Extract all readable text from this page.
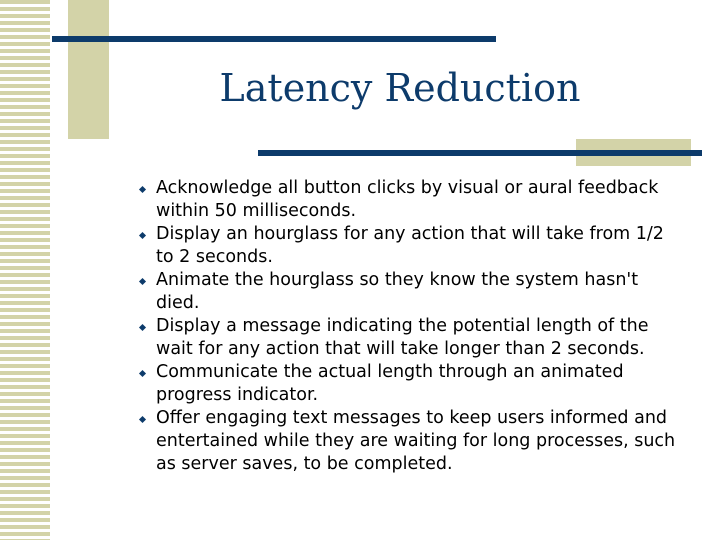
Latency Reduction
Acknowledge all button clicks by visual or aural feedback within 50 milliseconds.
Display an hourglass for any action that will take from 1/2 to 2 seconds.
Animate the hourglass so they know the system hasn't died.
Display a message indicating the potential length of the wait for any action that will take longer than 2 seconds.
Communicate the actual length through an animated progress indicator.
Offer engaging text messages to keep users informed and entertained while they are waiting for long processes, such as server saves, to be completed.
